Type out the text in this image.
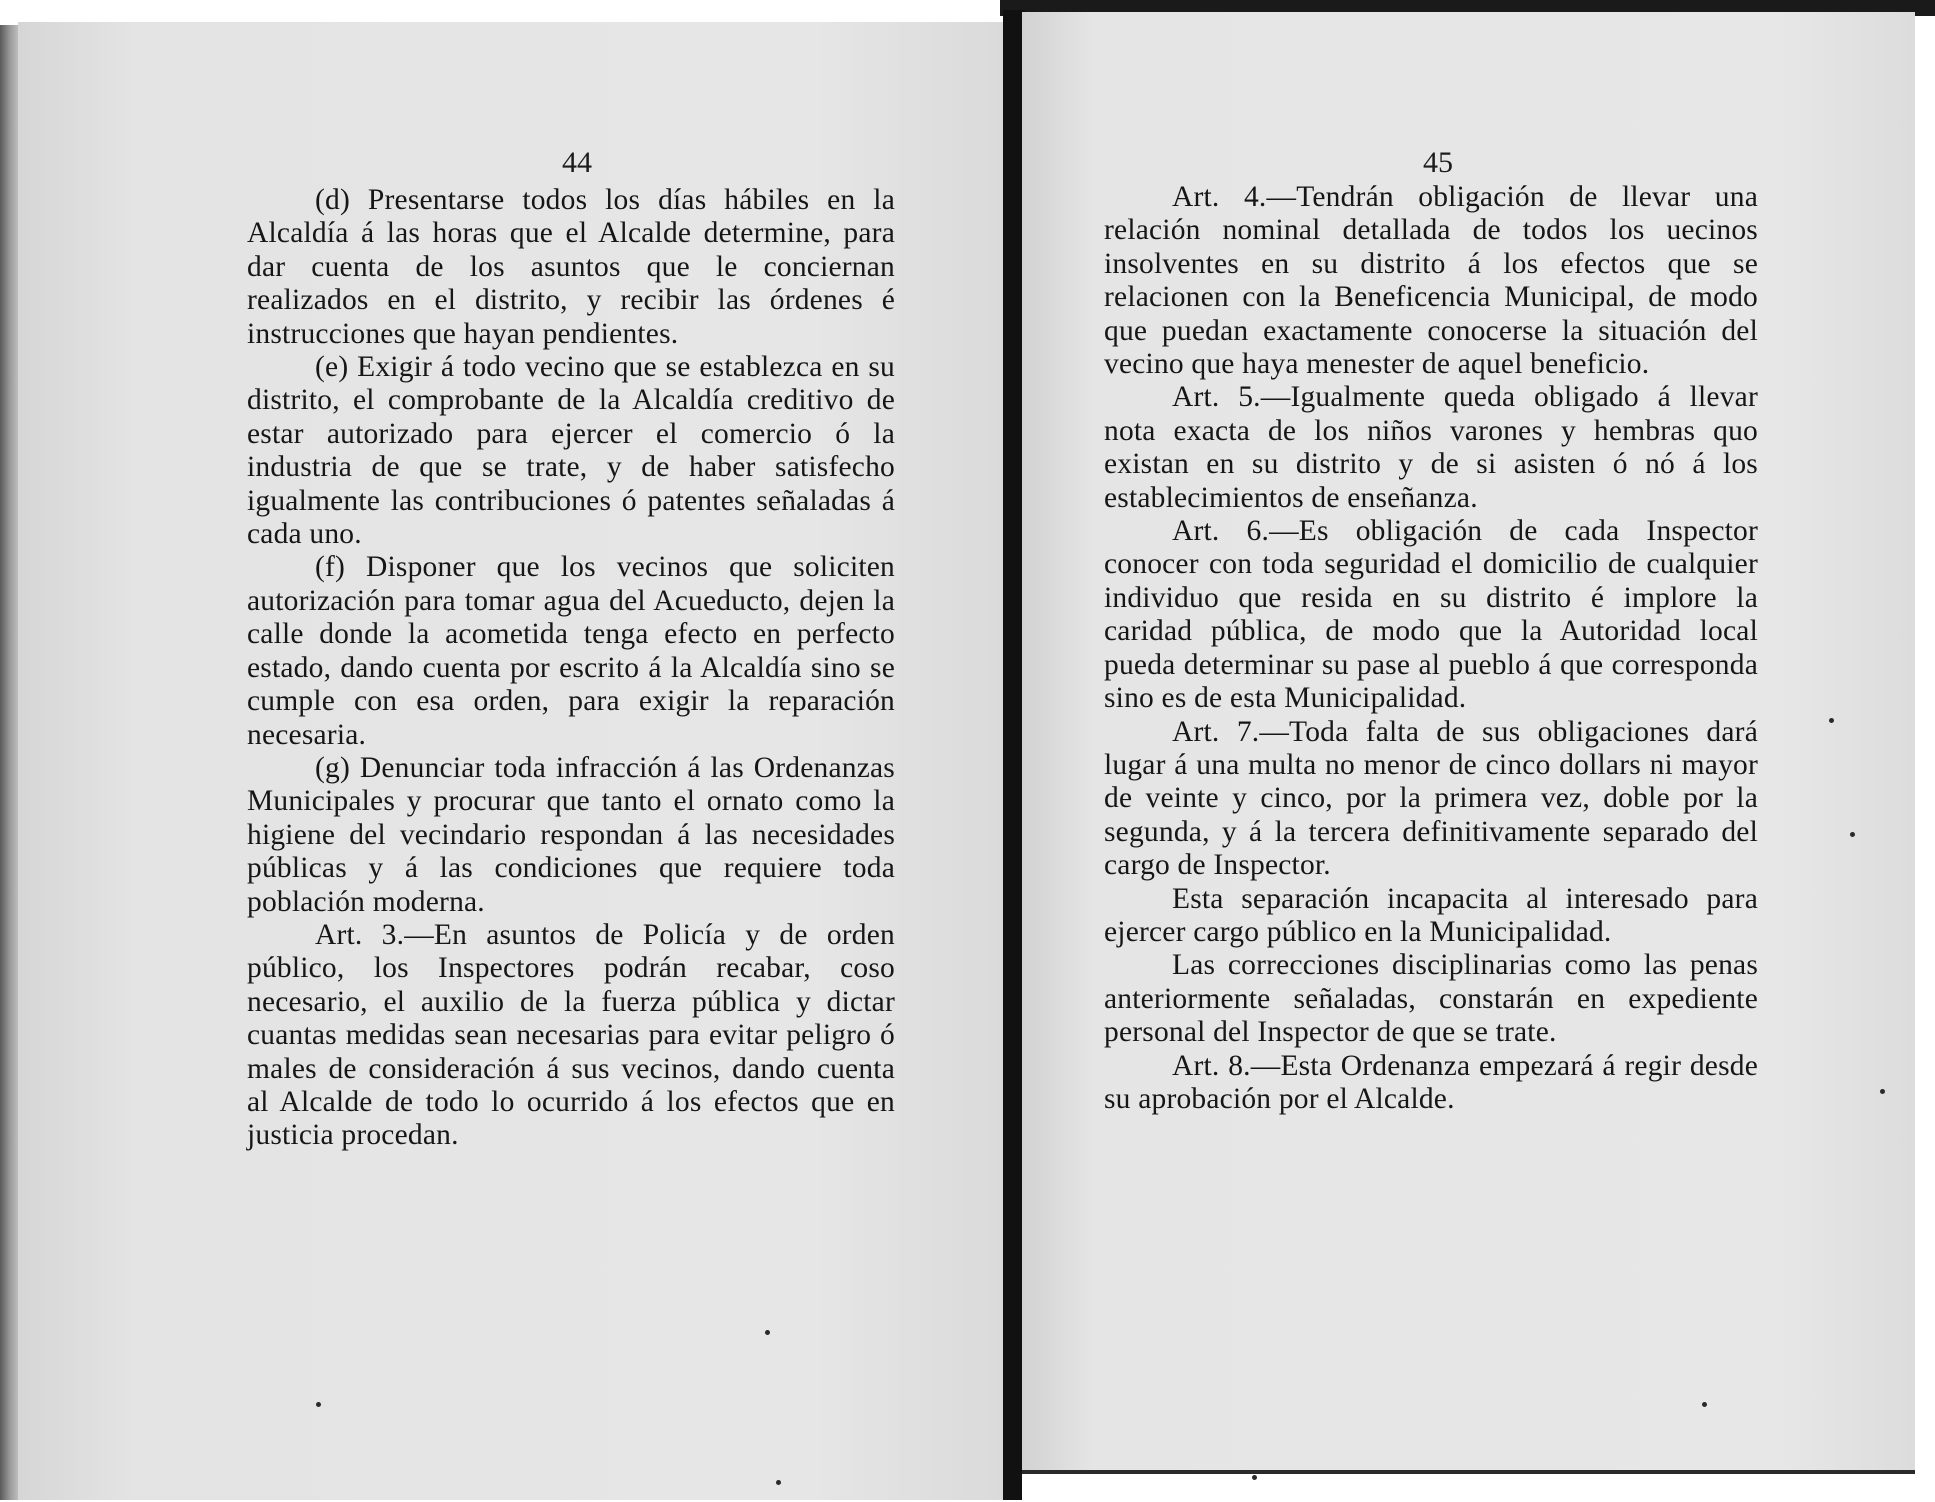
44	45

(d) Presentarse todos los días hábiles en la Alcaldía á las horas que el Alcalde determine, para dar cuenta de los asuntos que le conciernan realizados en el distrito, y recibir las órdenes é instrucciones que hayan pendientes.

(e) Exigir á todo vecino que se establezca en su distrito, el comprobante de la Alcaldía creditivo de estar autorizado para ejercer el comercio ó la industria de que se trate, y de haber satisfecho igualmente las contribuciones ó patentes señaladas á cada uno.

(f) Disponer que los vecinos que soliciten autorización para tomar agua del Acueducto, dejen la calle donde la acometida tenga efecto en perfecto estado, dando cuenta por escrito á la Alcaldía sino se cumple con esa orden, para exigir la reparación necesaria.

(g) Denunciar toda infracción á las Ordenanzas Municipales y procurar que tanto el ornato como la higiene del vecindario respondan á las necesidades públicas y á las condiciones que requiere toda población moderna.

Art. 3.—En asuntos de Policía y de orden público, los Inspectores podrán recabar, coso necesario, el auxilio de la fuerza pública y dictar cuantas medidas sean necesarias para evitar peligro ó males de consideración á sus vecinos, dando cuenta al Alcalde de todo lo ocurrido á los efectos que en justicia procedan.

Art. 4.—Tendrán obligación de llevar una relación nominal detallada de todos los uecinos insolventes en su distrito á los efectos que se relacionen con la Beneficencia Municipal, de modo que puedan exactamente conocerse la situación del vecino que haya menester de aquel beneficio.

Art. 5.—Igualmente queda obligado á llevar nota exacta de los niños varones y hembras quo existan en su distrito y de si asisten ó nó á los establecimientos de enseñanza.

Art. 6.—Es obligación de cada Inspector conocer con toda seguridad el domicilio de cualquier individuo que resida en su distrito é implore la caridad pública, de modo que la Autoridad local pueda determinar su pase al pueblo á que corresponda sino es de esta Municipalidad.

Art. 7.—Toda falta de sus obligaciones dará lugar á una multa no menor de cinco dollars ni mayor de veinte y cinco, por la primera vez, doble por la segunda, y á la tercera definitivamente separado del cargo de Inspector.

Esta separación incapacita al interesado para ejercer cargo público en la Municipalidad.

Las correcciones disciplinarias como las penas anteriormente señaladas, constarán en expediente personal del Inspector de que se trate.

Art. 8.—Esta Ordenanza empezará á regir desde su aprobación por el Alcalde.
